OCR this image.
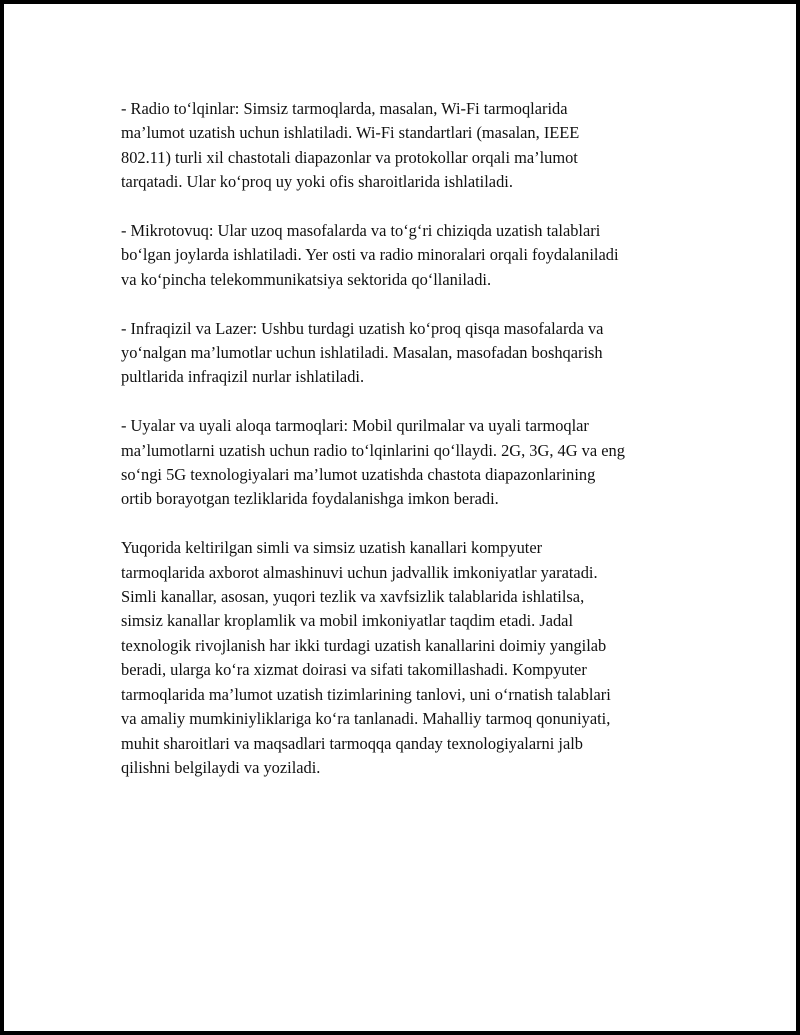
- Radio to‘lqinlar: Simsiz tarmoqlarda, masalan, Wi-Fi tarmoqlarida
ma’lumot uzatish uchun ishlatiladi. Wi-Fi standartlari (masalan, IEEE
802.11) turli xil chastotali diapazonlar va protokollar orqali ma’lumot
tarqatadi. Ular ko‘proq uy yoki ofis sharoitlarida ishlatiladi.

- Mikrotovuq: Ular uzoq masofalarda va to‘g‘ri chiziqda uzatish talablari
bo‘lgan joylarda ishlatiladi. Yer osti va radio minoralari orqali foydalaniladi
va ko‘pincha telekommunikatsiya sektorida qo‘llaniladi.

- Infraqizil va Lazer: Ushbu turdagi uzatish ko‘proq qisqa masofalarda va
yo‘nalgan ma’lumotlar uchun ishlatiladi. Masalan, masofadan boshqarish
pultlarida infraqizil nurlar ishlatiladi.

- Uyalar va uyali aloqa tarmoqlari: Mobil qurilmalar va uyali tarmoqlar
ma’lumotlarni uzatish uchun radio to‘lqinlarini qo‘llaydi. 2G, 3G, 4G va eng
so‘ngi 5G texnologiyalari ma’lumot uzatishda chastota diapazonlarining
ortib borayotgan tezliklarida foydalanishga imkon beradi.

Yuqorida keltirilgan simli va simsiz uzatish kanallari kompyuter
tarmoqlarida axborot almashinuvi uchun jadvallik imkoniyatlar yaratadi.
Simli kanallar, asosan, yuqori tezlik va xavfsizlik talablarida ishlatilsa,
simsiz kanallar kroplamlik va mobil imkoniyatlar taqdim etadi. Jadal
texnologik rivojlanish har ikki turdagi uzatish kanallarini doimiy yangilab
beradi, ularga ko‘ra xizmat doirasi va sifati takomillashadi. Kompyuter
tarmoqlarida ma’lumot uzatish tizimlarining tanlovi, uni o‘rnatish talablari
va amaliy mumkiniyliklariga ko‘ra tanlanadi. Mahalliy tarmoq qonuniyati,
muhit sharoitlari va maqsadlari tarmoqqa qanday texnologiyalarni jalb
qilishni belgilaydi va yoziladi.
